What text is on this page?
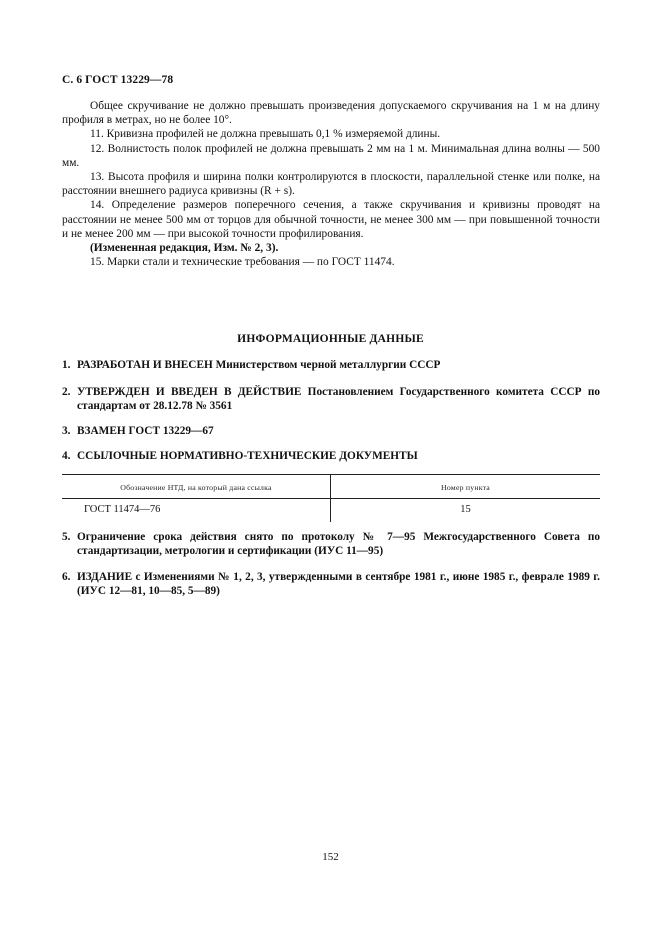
С. 6 ГОСТ 13229—78

Общее скручивание не должно превышать произведения допускаемого скручивания на 1 м на длину профиля в метрах, но не более 10°.

11. Кривизна профилей не должна превышать 0,1 % измеряемой длины.

12. Волнистость полок профилей не должна превышать 2 мм на 1 м. Минимальная длина волны — 500 мм.

13. Высота профиля и ширина полки контролируются в плоскости, параллельной стенке или полке, на расстоянии внешнего радиуса кривизны (R + s).

14. Определение размеров поперечного сечения, а также скручивания и кривизны проводят на расстоянии не менее 500 мм от торцов для обычной точности, не менее 300 мм — при повышенной точности и не менее 200 мм — при высокой точности профилирования.

(Измененная редакция, Изм. № 2, 3).

15. Марки стали и технические требования — по ГОСТ 11474.

ИНФОРМАЦИОННЫЕ ДАННЫЕ
1. РАЗРАБОТАН И ВНЕСЕН Министерством черной металлургии СССР
2. УТВЕРЖДЕН И ВВЕДЕН В ДЕЙСТВИЕ Постановлением Государственного комитета СССР по стандартам от 28.12.78 № 3561
3. ВЗАМЕН ГОСТ 13229—67
4. ССЫЛОЧНЫЕ НОРМАТИВНО-ТЕХНИЧЕСКИЕ ДОКУМЕНТЫ
Обозначение НТД, на который дана ссылка	Номер пункта
ГОСТ 11474—76	15
5. Ограничение срока действия снято по протоколу № 7—95 Межгосударственного Совета по стандартизации, метрологии и сертификации (ИУС 11—95)
6. ИЗДАНИЕ с Изменениями № 1, 2, 3, утвержденными в сентябре 1981 г., июне 1985 г., феврале 1989 г. (ИУС 12—81, 10—85, 5—89)
152
